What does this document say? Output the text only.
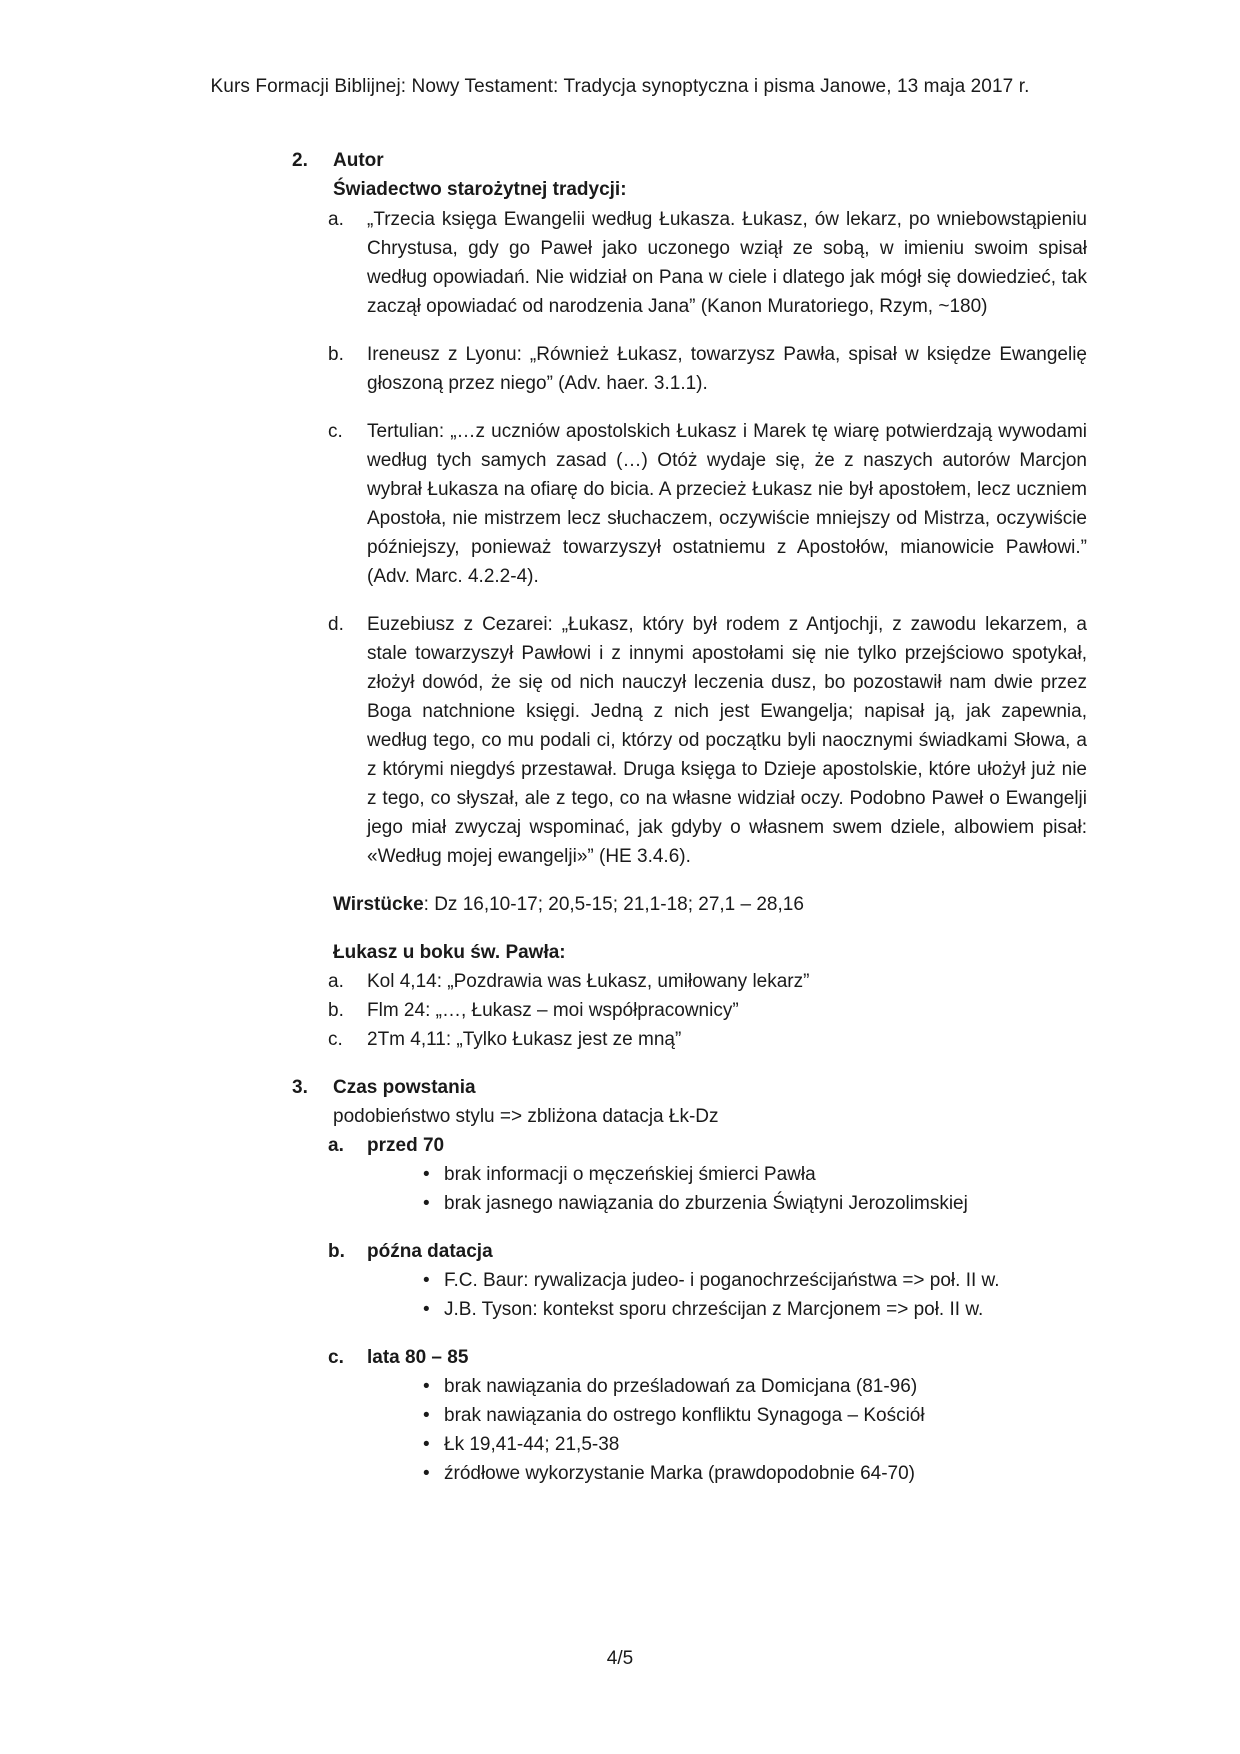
Kurs Formacji Biblijnej: Nowy Testament: Tradycja synoptyczna i pisma Janowe, 13 maja 2017 r.
2. Autor
Świadectwo starożytnej tradycji:
a. „Trzecia księga Ewangelii według Łukasza. Łukasz, ów lekarz, po wniebowstąpieniu Chrystusa, gdy go Paweł jako uczonego wziął ze sobą, w imieniu swoim spisał według opowiadań. Nie widział on Pana w ciele i dlatego jak mógł się dowiedzieć, tak zaczął opowiadać od narodzenia Jana” (Kanon Muratoriego, Rzym, ~180)
b. Ireneusz z Lyonu: „Również Łukasz, towarzysz Pawła, spisał w księdze Ewangelię głoszoną przez niego” (Adv. haer. 3.1.1).
c. Tertulian: „…z uczniów apostolskich Łukasz i Marek tę wiarę potwierdzają wywodami według tych samych zasad (…) Otóż wydaje się, że z naszych autorów Marcjon wybrał Łukasza na ofiarę do bicia. A przecież Łukasz nie był apostołem, lecz uczniem Apostoła, nie mistrzem lecz słuchaczem, oczywiście mniejszy od Mistrza, oczywiście późniejszy, ponieważ towarzyszył ostatniemu z Apostołów, mianowicie Pawłowi.” (Adv. Marc. 4.2.2-4).
d. Euzebiusz z Cezarei: „Łukasz, który był rodem z Antjochji, z zawodu lekarzem, a stale towarzyszył Pawłowi i z innymi apostołami się nie tylko przejściowo spotykał, złożył dowód, że się od nich nauczył leczenia dusz, bo pozostawił nam dwie przez Boga natchnione księgi. Jedną z nich jest Ewangelja; napisał ją, jak zapewnia, według tego, co mu podali ci, którzy od początku byli naocznymi świadkami Słowa, a z którymi niegdyś przestawał. Druga księga to Dzieje apostolskie, które ułożył już nie z tego, co słyszał, ale z tego, co na własne widział oczy. Podobno Paweł o Ewangelji jego miał zwyczaj wspominać, jak gdyby o własnem swem dziele, albowiem pisał: «Według mojej ewangelji»” (HE 3.4.6).
Wirstücke: Dz 16,10-17; 20,5-15; 21,1-18; 27,1 – 28,16
Łukasz u boku św. Pawła:
a. Kol 4,14: „Pozdrawia was Łukasz, umiłowany lekarz”
b. Flm 24: „…, Łukasz – moi współpracownicy”
c. 2Tm 4,11: „Tylko Łukasz jest ze mną”
3. Czas powstania
podobieństwo stylu => zbliżona datacja Łk-Dz
a. przed 70
• brak informacji o męczeńskiej śmierci Pawła
• brak jasnego nawiązania do zburzenia Świątyni Jerozolimskiej
b. późna datacja
• F.C. Baur: rywalizacja judeo- i poganochrześcijaństwa => poł. II w.
• J.B. Tyson: kontekst sporu chrześcijan z Marcjonem => poł. II w.
c. lata 80 – 85
• brak nawiązania do prześladowań za Domicjana (81-96)
• brak nawiązania do ostrego konfliktu Synagoga – Kościół
• Łk 19,41-44; 21,5-38
• źródłowe wykorzystanie Marka (prawdopodobnie 64-70)
4/5
